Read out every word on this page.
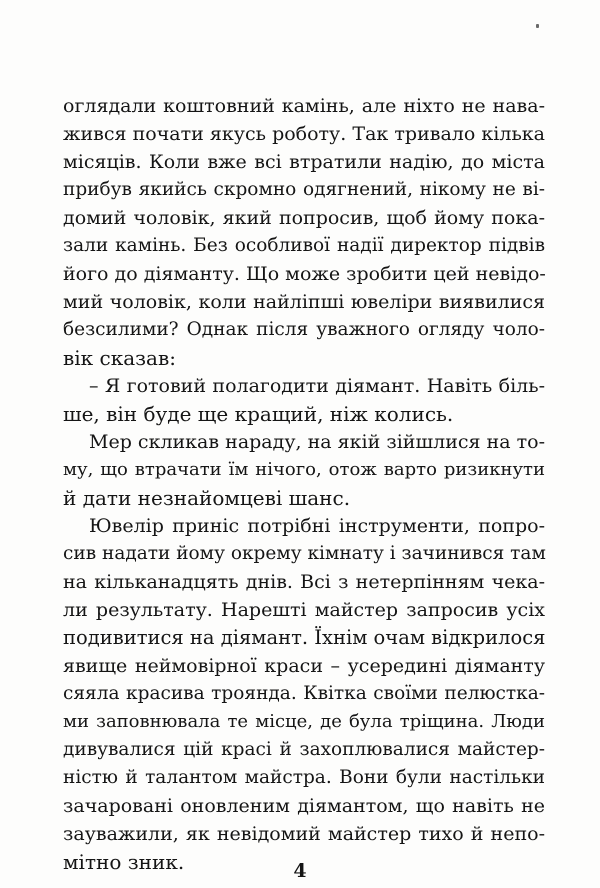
оглядали коштовний камінь, але ніхто не нава-
жився почати якусь роботу. Так тривало кілька
місяців. Коли вже всі втратили надію, до міста
прибув якийсь скромно одягнений, нікому не ві-
домий чоловік, який попросив, щоб йому пока-
зали камінь. Без особливої надії директор підвів
його до діяманту. Що може зробити цей невідо-
мий чоловік, коли найліпші ювеліри виявилися
безсилими? Однак після уважного огляду чоло-
вік сказав:
– Я готовий полагодити діямант. Навіть біль-
ше, він буде ще кращий, ніж колись.
Мер скликав нараду, на якій зійшлися на то-
му, що втрачати їм нічого, отож варто ризикнути
й дати незнайомцеві шанс.
Ювелір приніс потрібні інструменти, попро-
сив надати йому окрему кімнату і зачинився там
на кільканадцять днів. Всі з нетерпінням чека-
ли результату. Нарешті майстер запросив усіх
подивитися на діямант. Їхнім очам відкрилося
явище неймовірної краси – усередині діяманту
сяяла красива троянда. Квітка своїми пелюстка-
ми заповнювала те місце, де була тріщина. Люди
дивувалися цій красі й захоплювалися майстер-
ністю й талантом майстра. Вони були настільки
зачаровані оновленим діямантом, що навіть не
зауважили, як невідомий майстер тихо й непо-
мітно зник.	4
